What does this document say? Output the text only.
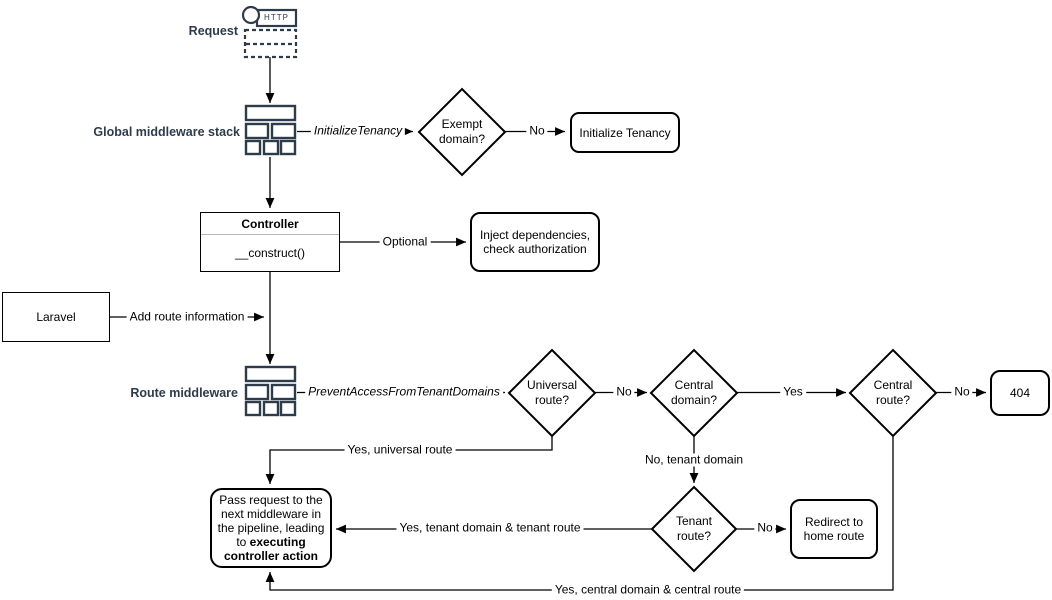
Request
Global middleware stack
Route middleware
HTTP
Initialize Tenancy
Controller
__construct()
Inject dependencies, check authorization
Laravel
404
Redirect to home route
Pass request to the next middleware in the pipeline, leading to executing controller action
Exempt domain?
Universal route?
Central domain?
Central route?
Tenant route?
InitializeTenancy	No
Optional
Add route information
PreventAccessFromTenantDomains	No	Yes	No
Yes, universal route
No, tenant domain
No
Yes, tenant domain & tenant route
Yes, central domain & central route
